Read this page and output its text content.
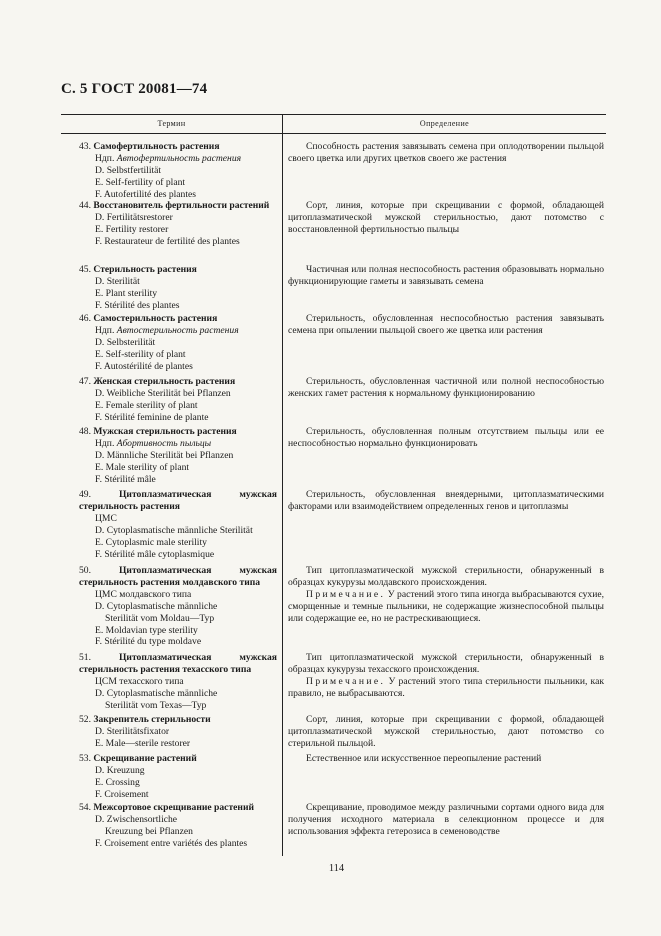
С. 5 ГОСТ 20081—74
Термин	Определение
43. Самофертильность растения
Ндп. Автофертильность растения
D. Selbstfertilität
E. Self-fertility of plant
F. Autofertilité des plantes
Способность растения завязывать семена при оплодотворении пыльцой своего цветка или других цветков своего же растения
44. Восстановитель фертильности растений
D. Fertilitätsrestorer
E. Fertility restorer
F. Restaurateur de fertilité des plantes
Сорт, линия, которые при скрещивании с формой, обладающей цитоплазматической мужской стерильностью, дают потомство с восстановленной фертильностью пыльцы
45. Стерильность растения
D. Sterilität
E. Plant sterility
F. Stérilité des plantes
Частичная или полная неспособность растения образовывать нормально функционирующие гаметы и завязывать семена
46. Самостерильность растения
Ндп. Автостерильность растения
D. Selbsterilität
E. Self-sterility of plant
F. Autostérilité de plantes
Стерильность, обусловленная неспособностью растения завязывать семена при опылении пыльцой своего же цветка или растения
47. Женская стерильность растения
D. Weibliche Sterilität bei Pflanzen
E. Female sterility of plant
F. Stérilité feminine de plante
Стерильность, обусловленная частичной или полной неспособностью женских гамет растения к нормальному функционированию
48. Мужская стерильность растения
Ндп. Абортивность пыльцы
D. Männliche Sterilität bei Pflanzen
E. Male sterility of plant
F. Stérilité mâle
Стерильность, обусловленная полным отсутствием пыльцы или ее неспособностью нормально функционировать
49.	Цитоплазматическая мужская стерильность растения
ЦМС
D. Cytoplasmatische männliche Sterilität
E. Cytoplasmic male sterility
F. Stérilité mâle cytoplasmique
Стерильность, обусловленная внеядерными, цитоплазматическими факторами или взаимодействием определенных генов и цитоплазмы
50.	Цитоплазматическая мужская стерильность растения молдавского типа
ЦМС молдавского типа
D. Cytoplasmatische männliche
Sterilität vom Moldau—Typ
E. Moldavian type sterility
F. Stérilité du type moldave
Тип цитоплазматической мужской стерильности, обнаруженный в образцах кукурузы молдавского происхождения.
Примечание. У растений этого типа иногда выбрасываются сухие, сморщенные и темные пыльники, не содержащие жизнеспособной пыльцы или содержащие ее, но не растрескивающиеся.
51.	Цитоплазматическая мужская стерильность растения техасского типа
ЦСМ техасского типа
D. Cytoplasmatische männliche
Sterilität vom Texas—Typ
Тип цитоплазматической мужской стерильности, обнаруженный в образцах кукурузы техасского происхождения.
Примечание. У растений этого типа стерильности пыльники, как правило, не выбрасываются.
52. Закрепитель стерильности
D. Sterilitätsfixator
E. Male—sterile restorer
Сорт, линия, которые при скрещивании с формой, обладающей цитоплазматической мужской стерильностью, дают потомство со стерильной пыльцой.
53. Скрещивание растений
D. Kreuzung
E. Crossing
F. Croisement
Естественное или искусственное переопыление растений
54. Межсортовое скрещивание растений
D. Zwischensortliche
Kreuzung bei Pflanzen
F. Croisement entre variétés des plantes
Скрещивание, проводимое между различными сортами одного вида для получения исходного материала в селекционном процессе и для использования эффекта гетерозиса в семеноводстве
114
